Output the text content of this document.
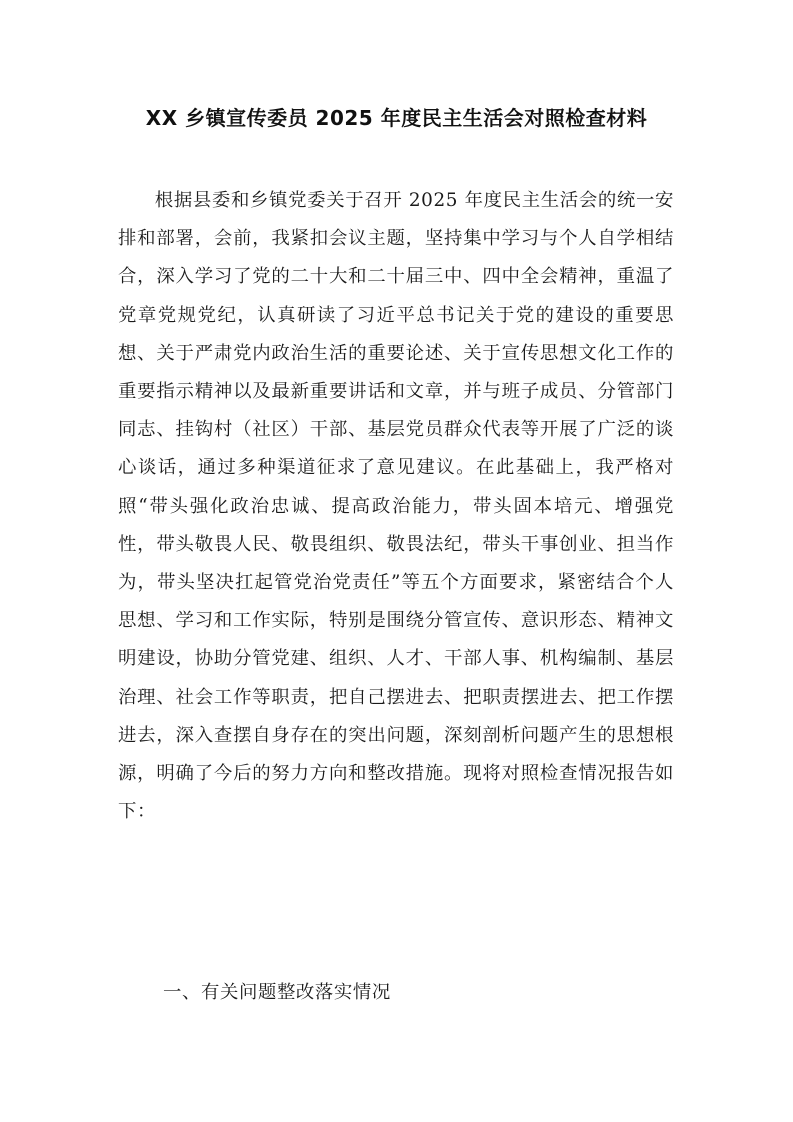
XX 乡镇宣传委员 2025 年度民主生活会对照检查材料

根据县委和乡镇党委关于召开 2025 年度民主生活会的统一安排和部署，会前，我紧扣会议主题，坚持集中学习与个人自学相结合，深入学习了党的二十大和二十届三中、四中全会精神，重温了党章党规党纪，认真研读了习近平总书记关于党的建设的重要思想、关于严肃党内政治生活的重要论述、关于宣传思想文化工作的重要指示精神以及最新重要讲话和文章，并与班子成员、分管部门同志、挂钩村（社区）干部、基层党员群众代表等开展了广泛的谈心谈话，通过多种渠道征求了意见建议。在此基础上，我严格对照“带头强化政治忠诚、提高政治能力，带头固本培元、增强党性，带头敬畏人民、敬畏组织、敬畏法纪，带头干事创业、担当作为，带头坚决扛起管党治党责任”等五个方面要求，紧密结合个人思想、学习和工作实际，特别是围绕分管宣传、意识形态、精神文明建设，协助分管党建、组织、人才、干部人事、机构编制、基层治理、社会工作等职责，把自己摆进去、把职责摆进去、把工作摆进去，深入查摆自身存在的突出问题，深刻剖析问题产生的思想根源，明确了今后的努力方向和整改措施。现将对照检查情况报告如下：

一、有关问题整改落实情况
